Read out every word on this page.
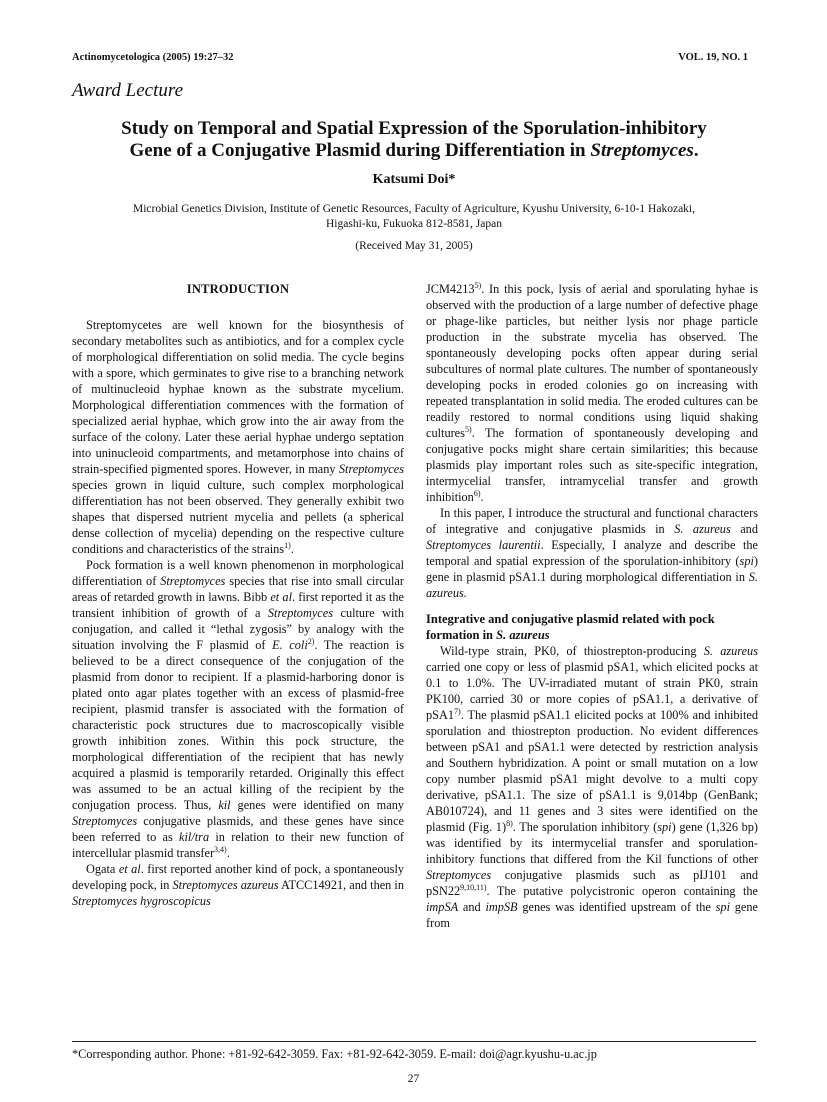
Actinomycetologica (2005) 19:27–32	VOL. 19, NO. 1
Award Lecture
Study on Temporal and Spatial Expression of the Sporulation-inhibitory
Gene of a Conjugative Plasmid during Differentiation in Streptomyces.
Katsumi Doi*
Microbial Genetics Division, Institute of Genetic Resources, Faculty of Agriculture, Kyushu University, 6-10-1 Hakozaki,
Higashi-ku, Fukuoka 812-8581, Japan
(Received May 31, 2005)
INTRODUCTION

Streptomycetes are well known for the biosynthesis of secondary metabolites such as antibiotics, and for a complex cycle of morphological differentiation on solid media. The cycle begins with a spore, which germinates to give rise to a branching network of multinucleoid hyphae known as the substrate mycelium. Morphological differentiation commences with the formation of specialized aerial hyphae, which grow into the air away from the surface of the colony. Later these aerial hyphae undergo septation into uninucleoid compartments, and metamorphose into chains of strain-specified pigmented spores. However, in many Streptomyces species grown in liquid culture, such complex morphological differentiation has not been observed. They generally exhibit two shapes that dispersed nutrient mycelia and pellets (a spherical dense collection of mycelia) depending on the respective culture conditions and characteristics of the strains$^{1)}$.

Pock formation is a well known phenomenon in morphological differentiation of Streptomyces species that rise into small circular areas of retarded growth in lawns. Bibb et al. first reported it as the transient inhibition of growth of a Streptomyces culture with conjugation, and called it “lethal zygosis” by analogy with the situation involving the F plasmid of E. coli$^{2)}$. The reaction is believed to be a direct consequence of the conjugation of the plasmid from donor to recipient. If a plasmid-harboring donor is plated onto agar plates together with an excess of plasmid-free recipient, plasmid transfer is associated with the formation of characteristic pock structures due to macroscopically visible growth inhibition zones. Within this pock structure, the morphological differentiation of the recipient that has newly acquired a plasmid is temporarily retarded. Originally this effect was assumed to be an actual killing of the recipient by the conjugation process. Thus, kil genes were identified on many Streptomyces conjugative plasmids, and these genes have since been referred to as kil/tra in relation to their new function of intercellular plasmid transfer$^{3,4)}$.

Ogata et al. first reported another kind of pock, a spontaneously developing pock, in Streptomyces azureus ATCC14921, and then in Streptomyces hygroscopicus

JCM4213$^{5)}$. In this pock, lysis of aerial and sporulating hyhae is observed with the production of a large number of defective phage or phage-like particles, but neither lysis nor phage particle production in the substrate mycelia has observed. The spontaneously developing pocks often appear during serial subcultures of normal plate cultures. The number of spontaneously developing pocks in eroded colonies go on increasing with repeated transplantation in solid media. The eroded cultures can be readily restored to normal conditions using liquid shaking cultures$^{5)}$. The formation of spontaneously developing and conjugative pocks might share certain similarities; this because plasmids play important roles such as site-specific integration, intermycelial transfer, intramycelial transfer and growth inhibition$^{6)}$.

In this paper, I introduce the structural and functional characters of integrative and conjugative plasmids in S. azureus and Streptomyces laurentii. Especially, I analyze and describe the temporal and spatial expression of the sporulation-inhibitory (spi) gene in plasmid pSA1.1 during morphological differentiation in S. azureus.

Integrative and conjugative plasmid related with pock formation in S. azureus

Wild-type strain, PK0, of thiostrepton-producing S. azureus carried one copy or less of plasmid pSA1, which elicited pocks at 0.1 to 1.0%. The UV-irradiated mutant of strain PK0, strain PK100, carried 30 or more copies of pSA1.1, a derivative of pSA1$^{7)}$. The plasmid pSA1.1 elicited pocks at 100% and inhibited sporulation and thiostrepton production. No evident differences between pSA1 and pSA1.1 were detected by restriction analysis and Southern hybridization. A point or small mutation on a low copy number plasmid pSA1 might devolve to a multi copy derivative, pSA1.1. The size of pSA1.1 is 9,014bp (GenBank; AB010724), and 11 genes and 3 sites were identified on the plasmid (Fig. 1)$^{8)}$. The sporulation inhibitory (spi) gene (1,326 bp) was identified by its intermycelial transfer and sporulation-inhibitory functions that differed from the Kil functions of other Streptomyces conjugative plasmids such as pIJ101 and pSN22$^{9,10,11)}$. The putative polycistronic operon containing the impSA and impSB genes was identified upstream of the spi gene from

*Corresponding author. Phone: +81-92-642-3059. Fax: +81-92-642-3059. E-mail: doi@agr.kyushu-u.ac.jp
27
